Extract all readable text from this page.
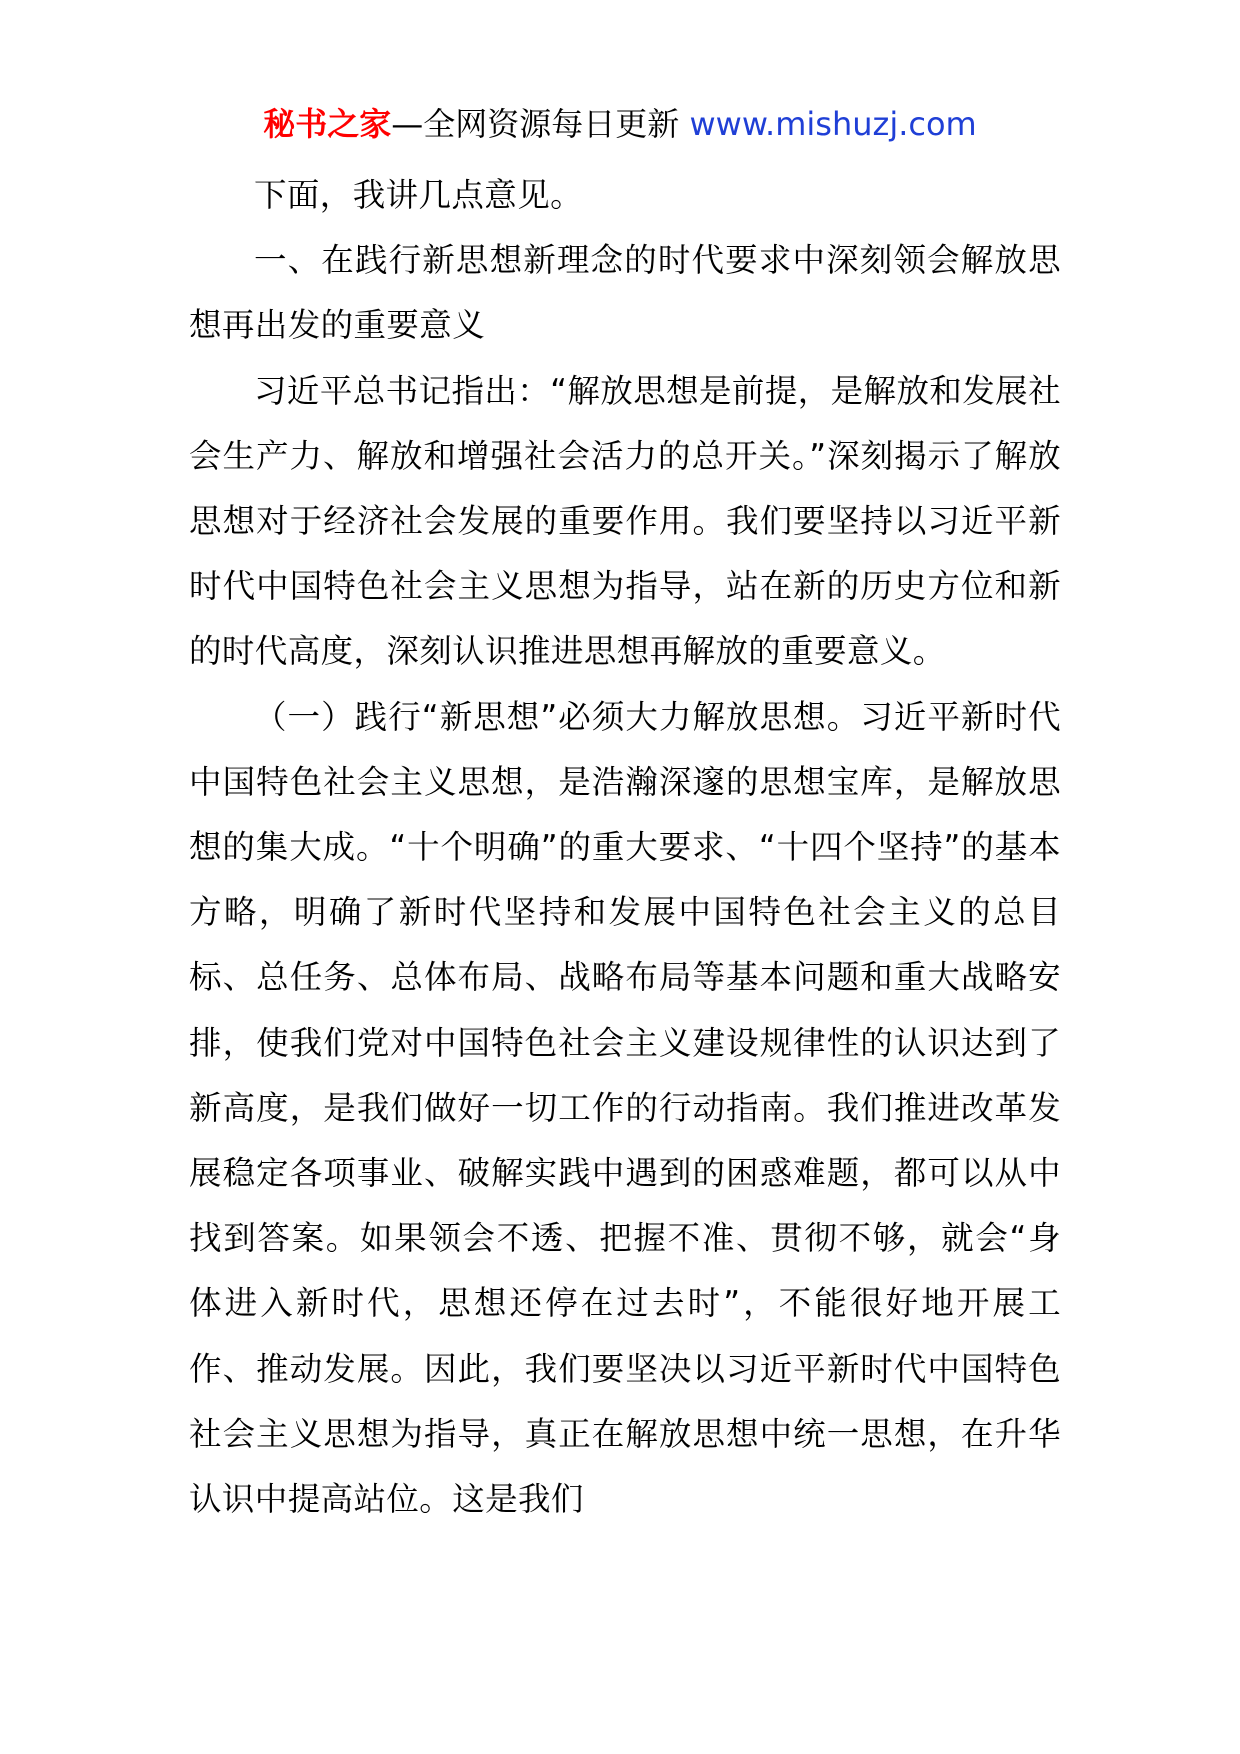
秘书之家—全网资源每日更新 www.mishuzj.com

下面，我讲几点意见。

一、在践行新思想新理念的时代要求中深刻领会解放思想再出发的重要意义

习近平总书记指出：“解放思想是前提，是解放和发展社会生产力、解放和增强社会活力的总开关。”深刻揭示了解放思想对于经济社会发展的重要作用。我们要坚持以习近平新时代中国特色社会主义思想为指导，站在新的历史方位和新的时代高度，深刻认识推进思想再解放的重要意义。

（一）践行“新思想”必须大力解放思想。习近平新时代中国特色社会主义思想，是浩瀚深邃的思想宝库，是解放思想的集大成。“十个明确”的重大要求、“十四个坚持”的基本方略，明确了新时代坚持和发展中国特色社会主义的总目标、总任务、总体布局、战略布局等基本问题和重大战略安排，使我们党对中国特色社会主义建设规律性的认识达到了新高度，是我们做好一切工作的行动指南。我们推进改革发展稳定各项事业、破解实践中遇到的困惑难题，都可以从中找到答案。如果领会不透、把握不准、贯彻不够，就会“身体进入新时代，思想还停在过去时”，不能很好地开展工作、推动发展。因此，我们要坚决以习近平新时代中国特色社会主义思想为指导，真正在解放思想中统一思想，在升华认识中提高站位。这是我们
